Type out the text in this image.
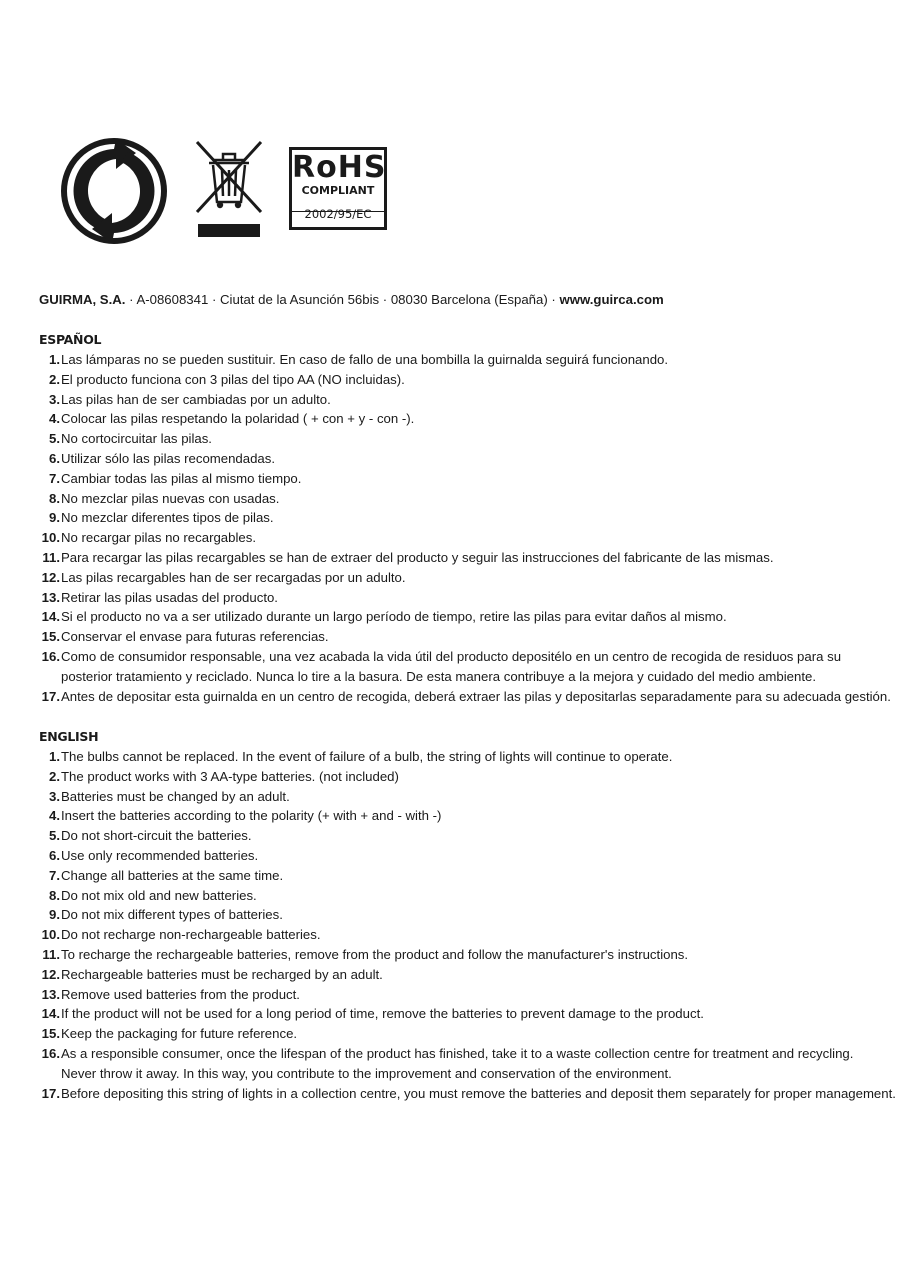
RoHS
COMPLIANT
2002/95/EC
GUIRMA, S.A. · A-08608341 · Ciutat de la Asunción 56bis · 08030 Barcelona (España) · www.guirca.com
ESPAÑOL
1. Las lámparas no se pueden sustituir. En caso de fallo de una bombilla la guirnalda seguirá funcionando.
2. El producto funciona con 3 pilas del tipo AA (NO incluidas).
3. Las pilas han de ser cambiadas por un adulto.
4. Colocar las pilas respetando la polaridad ( + con + y - con -).
5. No cortocircuitar las pilas.
6. Utilizar sólo las pilas recomendadas.
7. Cambiar todas las pilas al mismo tiempo.
8. No mezclar pilas nuevas con usadas.
9. No mezclar diferentes tipos de pilas.
10. No recargar pilas no recargables.
11. Para recargar las pilas recargables se han de extraer del producto y seguir las instrucciones del fabricante de las mismas.
12. Las pilas recargables han de ser recargadas por un adulto.
13. Retirar las pilas usadas del producto.
14. Si el producto no va a ser utilizado durante un largo período de tiempo, retire las pilas para evitar daños al mismo.
15. Conservar el envase para futuras referencias.
16. Como de consumidor responsable, una vez acabada la vida útil del producto depositélo en un centro de recogida de residuos para su
posterior tratamiento y reciclado. Nunca lo tire a la basura. De esta manera contribuye a la mejora y cuidado del medio ambiente.
17. Antes de depositar esta guirnalda en un centro de recogida, deberá extraer las pilas y depositarlas separadamente para su adecuada gestión.
ENGLISH
1. The bulbs cannot be replaced. In the event of failure of a bulb, the string of lights will continue to operate.
2. The product works with 3 AA-type batteries. (not included)
3. Batteries must be changed by an adult.
4. Insert the batteries according to the polarity (+ with + and - with -)
5. Do not short-circuit the batteries.
6. Use only recommended batteries.
7. Change all batteries at the same time.
8. Do not mix old and new batteries.
9. Do not mix different types of batteries.
10. Do not recharge non-rechargeable batteries.
11. To recharge the rechargeable batteries, remove from the product and follow the manufacturer's instructions.
12. Rechargeable batteries must be recharged by an adult.
13. Remove used batteries from the product.
14. If the product will not be used for a long period of time, remove the batteries to prevent damage to the product.
15. Keep the packaging for future reference.
16. As a responsible consumer, once the lifespan of the product has finished, take it to a waste collection centre for treatment and recycling.
Never throw it away. In this way, you contribute to the improvement and conservation of the environment.
17. Before depositing this string of lights in a collection centre, you must remove the batteries and deposit them separately for proper management.
